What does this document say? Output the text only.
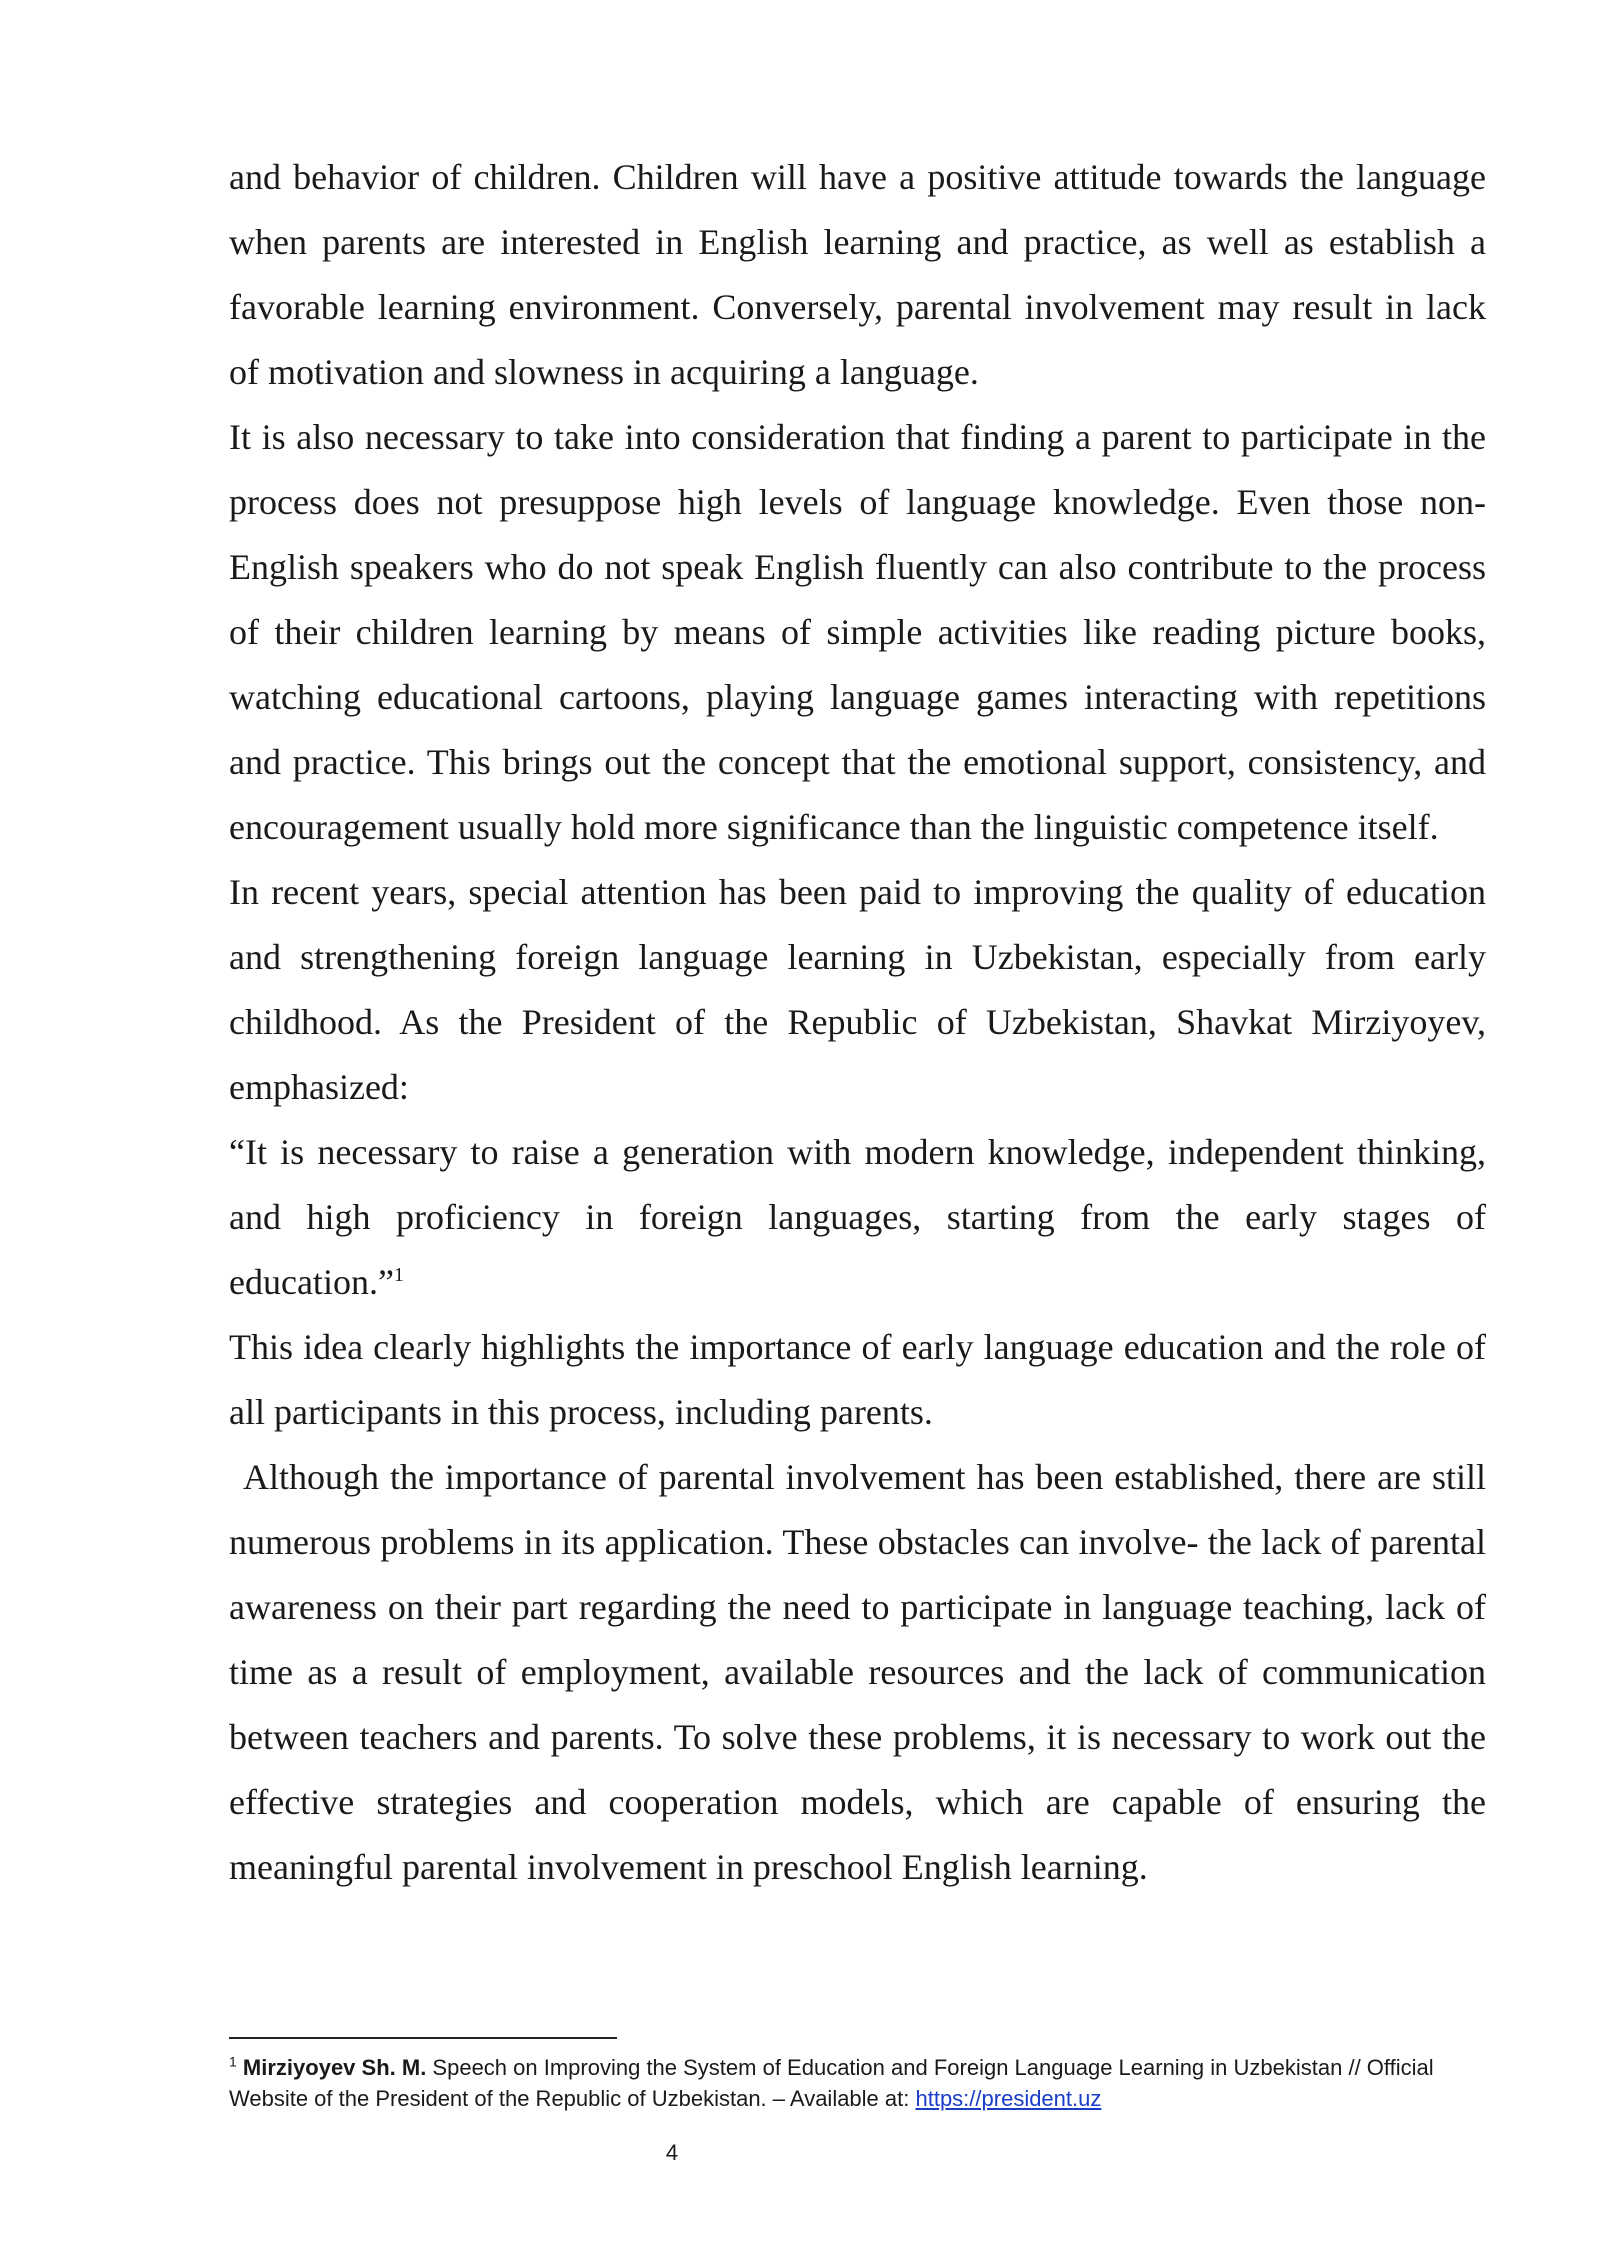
and behavior of children. Children will have a positive attitude towards the language when parents are interested in English learning and practice, as well as establish a favorable learning environment. Conversely, parental involvement may result in lack of motivation and slowness in acquiring a language.

It is also necessary to take into consideration that finding a parent to participate in the process does not presuppose high levels of language knowledge. Even those non-English speakers who do not speak English fluently can also contribute to the process of their children learning by means of simple activities like reading picture books, watching educational cartoons, playing language games interacting with repetitions and practice. This brings out the concept that the emotional support, consistency, and encouragement usually hold more significance than the linguistic competence itself.

In recent years, special attention has been paid to improving the quality of education and strengthening foreign language learning in Uzbekistan, especially from early childhood. As the President of the Republic of Uzbekistan, Shavkat Mirziyoyev, emphasized:

“It is necessary to raise a generation with modern knowledge, independent thinking, and high proficiency in foreign languages, starting from the early stages of education.”$^1$

This idea clearly highlights the importance of early language education and the role of all participants in this process, including parents.

Although the importance of parental involvement has been established, there are still numerous problems in its application. These obstacles can involve- the lack of parental awareness on their part regarding the need to participate in language teaching, lack of time as a result of employment, available resources and the lack of communication between teachers and parents. To solve these problems, it is necessary to work out the effective strategies and cooperation models, which are capable of ensuring the meaningful parental involvement in preschool English learning.

$^1$ Mirziyoyev Sh. M. Speech on Improving the System of Education and Foreign Language Learning in Uzbekistan // Official Website of the President of the Republic of Uzbekistan. – Available at: https://president.uz
4
